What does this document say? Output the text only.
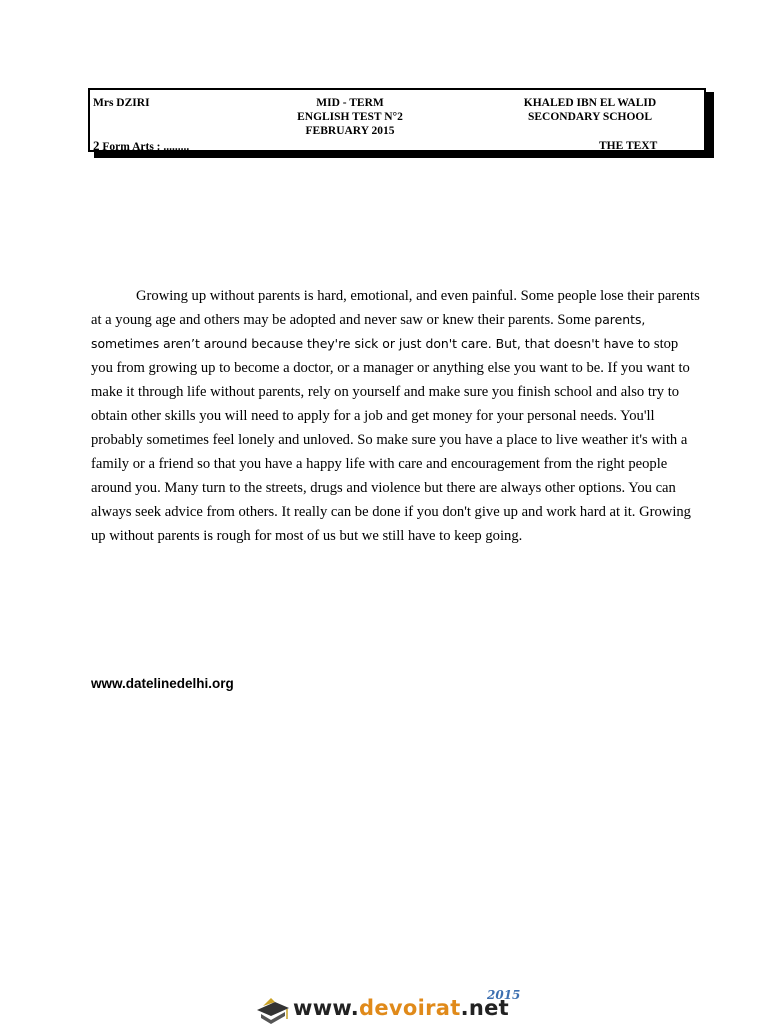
Mrs DZIRI	MID - TERM
ENGLISH TEST N°2
FEBRUARY 2015
KHALED IBN EL WALID
SECONDARY SCHOOL
2 Form Arts : .........	THE TEXT

Growing up without parents is hard, emotional, and even painful. Some people lose their parents at a young age and others may be adopted and never saw or knew their parents. Some parents, sometimes aren’t around because they're sick or just don't care. But, that doesn't have to stop you from growing up to become a doctor, or a manager or anything else you want to be. If you want to make it through life without parents, rely on yourself and make sure you finish school and also try to obtain other skills you will need to apply for a job and get money for your personal needs. You'll probably sometimes feel lonely and unloved. So make sure you have a place to live weather it's with a family or a friend so that you have a happy life with care and encouragement from the right people around you. Many turn to the streets, drugs and violence but there are always other options. You can always seek advice from others. It really can be done if you don't give up and work hard at it. Growing up without parents is rough for most of us but we still have to keep going.

www.datelinedelhi.org
www.devoirat.net
2015
